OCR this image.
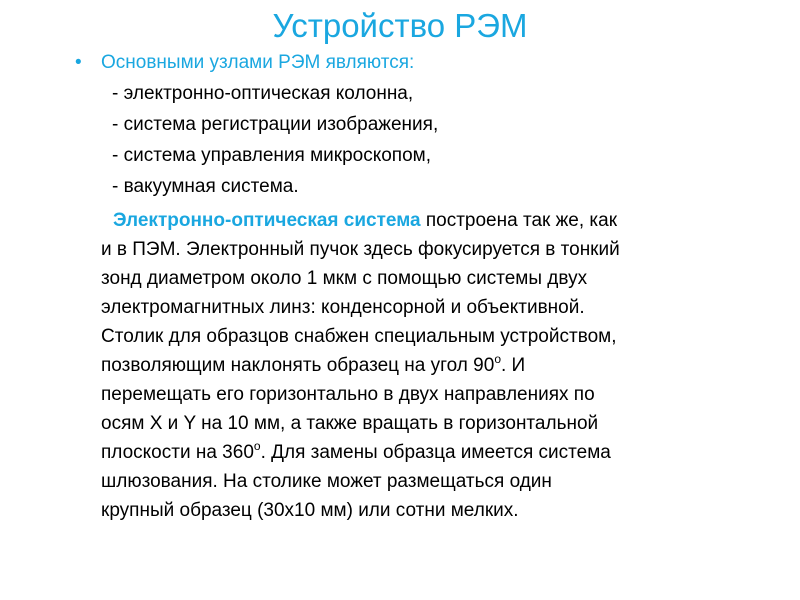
Устройство РЭМ
• Основными узлами РЭМ являются:
- электронно-оптическая колонна,
- система регистрации изображения,
- система управления микроскопом,
- вакуумная система.
Электронно-оптическая система построена так же, как
и в ПЭМ. Электронный пучок здесь фокусируется в тонкий
зонд диаметром около 1 мкм с помощью системы двух
электромагнитных линз: конденсорной и объективной.
Столик для образцов снабжен специальным устройством,
позволяющим наклонять образец на угол $90^о$. И
перемещать его горизонтально в двух направлениях по
осям X и Y на 10 мм, а также вращать в горизонтальной
плоскости на $360^о$. Для замены образца имеется система
шлюзования. На столике может размещаться один
крупный образец (30х10 мм) или сотни мелких.
